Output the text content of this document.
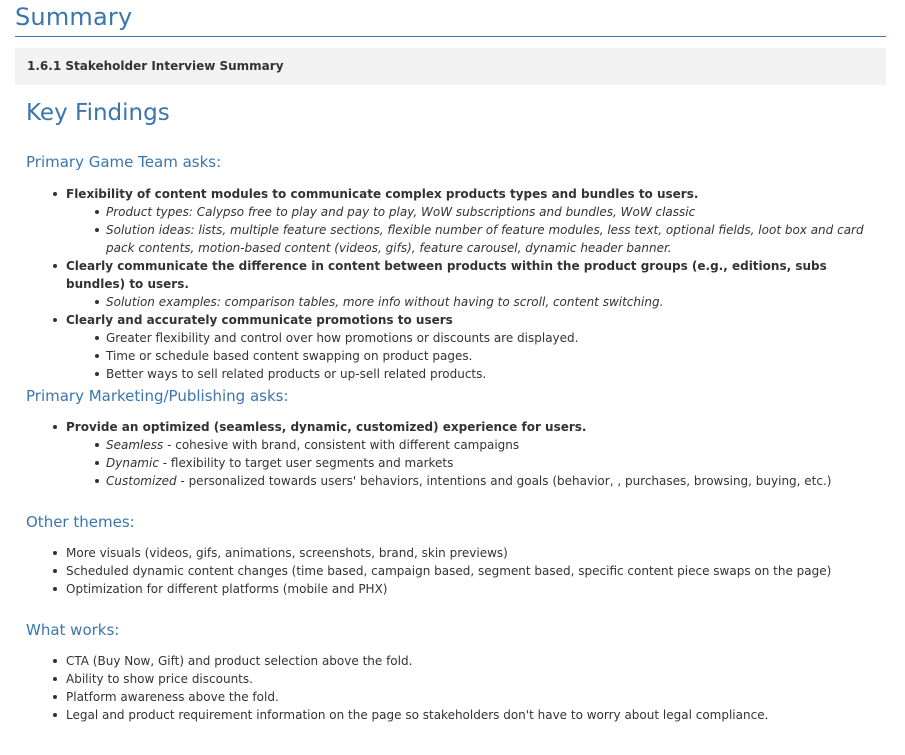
Summary
1.6.1 Stakeholder Interview Summary
Key Findings
Primary Game Team asks:
Flexibility of content modules to communicate complex products types and bundles to users.
Product types: Calypso free to play and pay to play, WoW subscriptions and bundles, WoW classic
Solution ideas: lists, multiple feature sections, flexible number of feature modules, less text, optional fields, loot box and card pack contents, motion-based content (videos, gifs), feature carousel, dynamic header banner.
Clearly communicate the difference in content between products within the product groups (e.g., editions, subs bundles) to users.
Solution examples: comparison tables, more info without having to scroll, content switching.
Clearly and accurately communicate promotions to users
Greater flexibility and control over how promotions or discounts are displayed.
Time or schedule based content swapping on product pages.
Better ways to sell related products or up-sell related products.
Primary Marketing/Publishing asks:
Provide an optimized (seamless, dynamic, customized) experience for users.
Seamless - cohesive with brand, consistent with different campaigns
Dynamic - flexibility to target user segments and markets
Customized - personalized towards users' behaviors, intentions and goals (behavior, , purchases, browsing, buying, etc.)
Other themes:
More visuals (videos, gifs, animations, screenshots, brand, skin previews)
Scheduled dynamic content changes (time based, campaign based, segment based, specific content piece swaps on the page)
Optimization for different platforms (mobile and PHX)
What works:
CTA (Buy Now, Gift) and product selection above the fold.
Ability to show price discounts.
Platform awareness above the fold.
Legal and product requirement information on the page so stakeholders don't have to worry about legal compliance.
